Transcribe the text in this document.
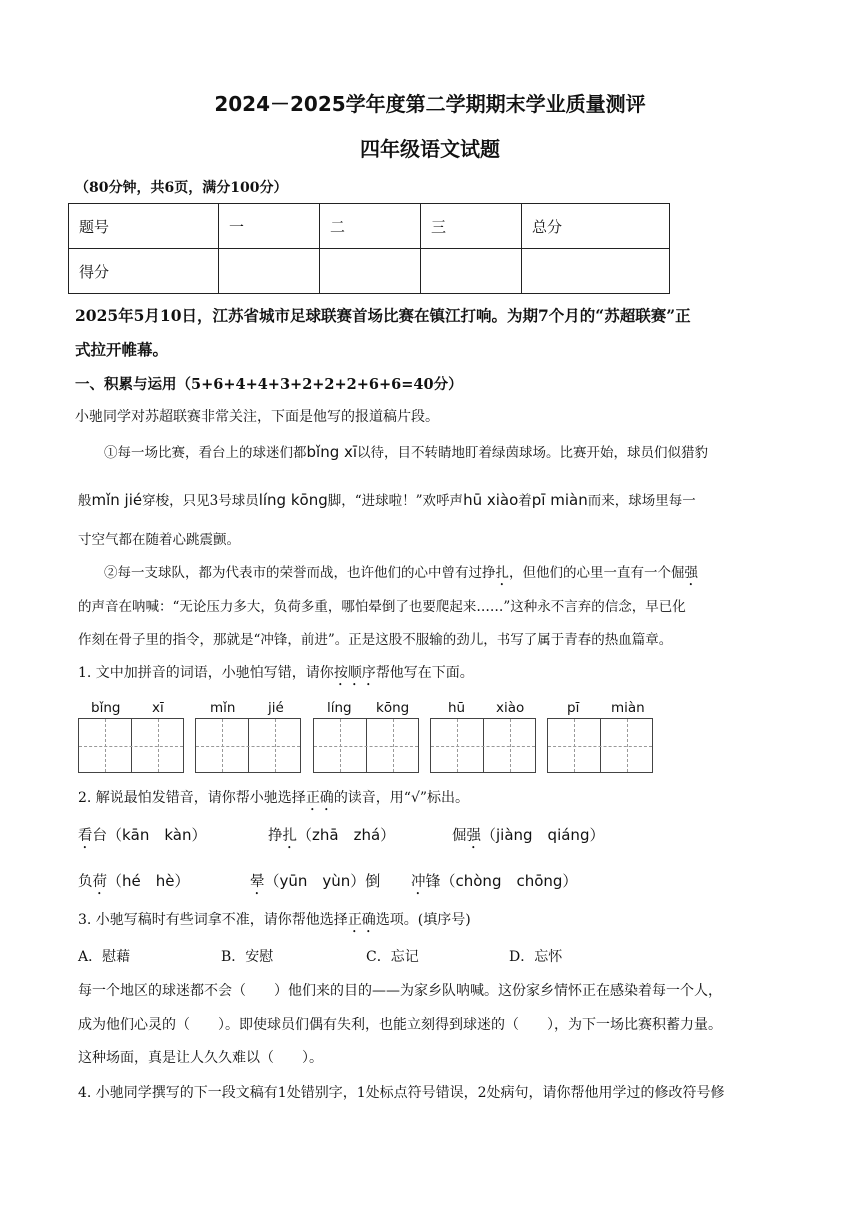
2024－2025学年度第二学期期末学业质量测评
四年级语文试题
（80分钟，共6页，满分100分）
题号	一	二	三	总分
得分				
2025年5月10日，江苏省城市足球联赛首场比赛在镇江打响。为期7个月的“苏超联赛”正
式拉开帷幕。
一、积累与运用（5+6+4+4+3+2+2+2+6+6=40分）
小驰同学对苏超联赛非常关注，下面是他写的报道稿片段。
①每一场比赛，看台上的球迷们都bǐng xī以待，目不转睛地盯着绿茵球场。比赛开始，球员们似猎豹
般mǐn jié穿梭，只见3号球员líng kōng脚，“进球啦！”欢呼声hū xiào着pī miàn而来，球场里每一
寸空气都在随着心跳震颤。
②每一支球队，都为代表市的荣誉而战，也许他们的心中曾有过挣扎，但他们的心里一直有一个倔强
的声音在呐喊：“无论压力多大，负荷多重，哪怕晕倒了也要爬起来……”这种永不言弃的信念，早已化
作刻在骨子里的指令，那就是“冲锋，前进”。正是这股不服输的劲儿，书写了属于青春的热血篇章。
1. 文中加拼音的词语，小驰怕写错，请你按顺序帮他写在下面。
bǐng xī	mǐn jié	líng kōng	hū xiào	pī miàn
2. 解说最怕发错音，请你帮小驰选择正确的读音，用“√”标出。
看台（kān　kàn）	挣扎（zhā　zhá）	倔强（jiàng　qiáng）
负荷（hé　hè）	晕（yūn　yùn）倒 冲锋（chòng　chōng）
3. 小驰写稿时有些词拿不准，请你帮他选择正确选项。(填序号)
A．慰藉	B．安慰	C．忘记	D．忘怀
每一个地区的球迷都不会（　　）他们来的目的——为家乡队呐喊。这份家乡情怀正在感染着每一个人，
成为他们心灵的（　　）。即使球员们偶有失利，也能立刻得到球迷的（　　），为下一场比赛积蓄力量。
这种场面，真是让人久久难以（　　）。
4. 小驰同学撰写的下一段文稿有1处错别字，1处标点符号错误，2处病句，请你帮他用学过的修改符号修
